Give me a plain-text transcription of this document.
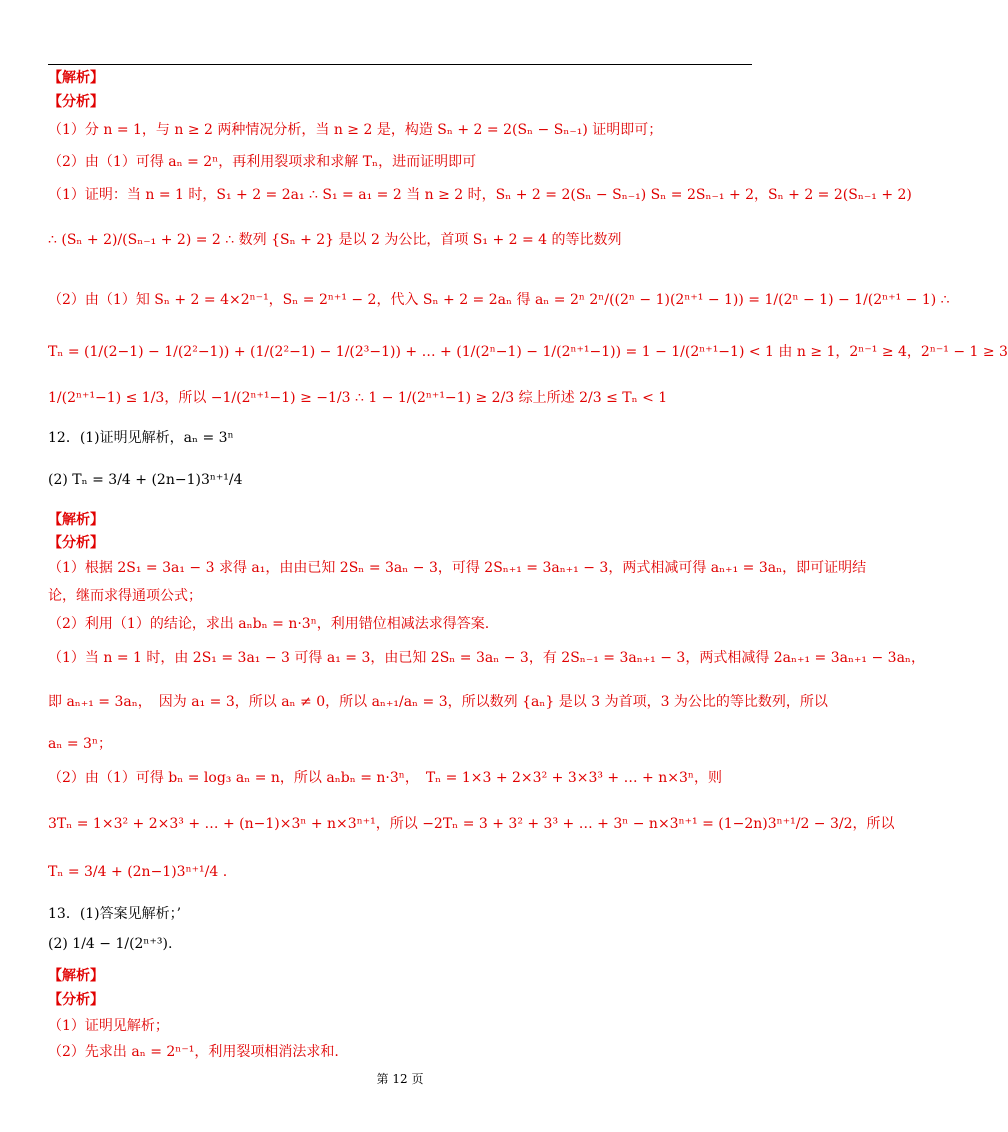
【解析】
【分析】
（1）分 n = 1，与 n ≥ 2 两种情况分析，当 n ≥ 2 是，构造 Sₙ + 2 = 2(Sₙ − Sₙ₋₁) 证明即可；
（2）由（1）可得 aₙ = 2ⁿ，再利用裂项求和求解 Tₙ，进而证明即可
（1）证明：当 n = 1 时，S₁ + 2 = 2a₁ ∴ S₁ = a₁ = 2 当 n ≥ 2 时，Sₙ + 2 = 2(Sₙ − Sₙ₋₁) Sₙ = 2Sₙ₋₁ + 2，Sₙ + 2 = 2(Sₙ₋₁ + 2)
∴ (Sₙ + 2)/(Sₙ₋₁ + 2) = 2 ∴ 数列 {Sₙ + 2} 是以 2 为公比，首项 S₁ + 2 = 4 的等比数列
（2）由（1）知 Sₙ + 2 = 4×2ⁿ⁻¹，Sₙ = 2ⁿ⁺¹ − 2，代入 Sₙ + 2 = 2aₙ 得 aₙ = 2ⁿ 2ⁿ/((2ⁿ − 1)(2ⁿ⁺¹ − 1)) = 1/(2ⁿ − 1) − 1/(2ⁿ⁺¹ − 1) ∴
Tₙ = (1/(2−1) − 1/(2²−1)) + (1/(2²−1) − 1/(2³−1)) + … + (1/(2ⁿ−1) − 1/(2ⁿ⁺¹−1)) = 1 − 1/(2ⁿ⁺¹−1) < 1 由 n ≥ 1，2ⁿ⁻¹ ≥ 4，2ⁿ⁻¹ − 1 ≥ 3
1/(2ⁿ⁺¹−1) ≤ 1/3，所以 −1/(2ⁿ⁺¹−1) ≥ −1/3 ∴ 1 − 1/(2ⁿ⁺¹−1) ≥ 2/3 综上所述 2/3 ≤ Tₙ < 1
12．(1)证明见解析，aₙ = 3ⁿ
(2) Tₙ = 3/4 + (2n−1)3ⁿ⁺¹/4
【解析】
【分析】
（1）根据 2S₁ = 3a₁ − 3 求得 a₁，由由已知 2Sₙ = 3aₙ − 3，可得 2Sₙ₊₁ = 3aₙ₊₁ − 3，两式相减可得 aₙ₊₁ = 3aₙ，即可证明结
论，继而求得通项公式；
（2）利用（1）的结论，求出 aₙbₙ = n·3ⁿ，利用错位相减法求得答案.
（1）当 n = 1 时，由 2S₁ = 3a₁ − 3 可得 a₁ = 3，由已知 2Sₙ = 3aₙ − 3，有 2Sₙ₋₁ = 3aₙ₊₁ − 3，两式相减得 2aₙ₊₁ = 3aₙ₊₁ − 3aₙ，
即 aₙ₊₁ = 3aₙ，　因为 a₁ = 3，所以 aₙ ≠ 0，所以 aₙ₊₁/aₙ = 3，所以数列 {aₙ} 是以 3 为首项，3 为公比的等比数列，所以
aₙ = 3ⁿ；
（2）由（1）可得 bₙ = log₃ aₙ = n，所以 aₙbₙ = n·3ⁿ，　Tₙ = 1×3 + 2×3² + 3×3³ + … + n×3ⁿ，则
3Tₙ = 1×3² + 2×3³ + … + (n−1)×3ⁿ + n×3ⁿ⁺¹，所以 −2Tₙ = 3 + 3² + 3³ + … + 3ⁿ − n×3ⁿ⁺¹ = (1−2n)3ⁿ⁺¹/2 − 3/2，所以
Tₙ = 3/4 + (2n−1)3ⁿ⁺¹/4 .
13．(1)答案见解析；’
(2) 1/4 − 1/(2ⁿ⁺³).
【解析】
【分析】
（1）证明见解析；
（2）先求出 aₙ = 2ⁿ⁻¹，利用裂项相消法求和.
第 12 页
